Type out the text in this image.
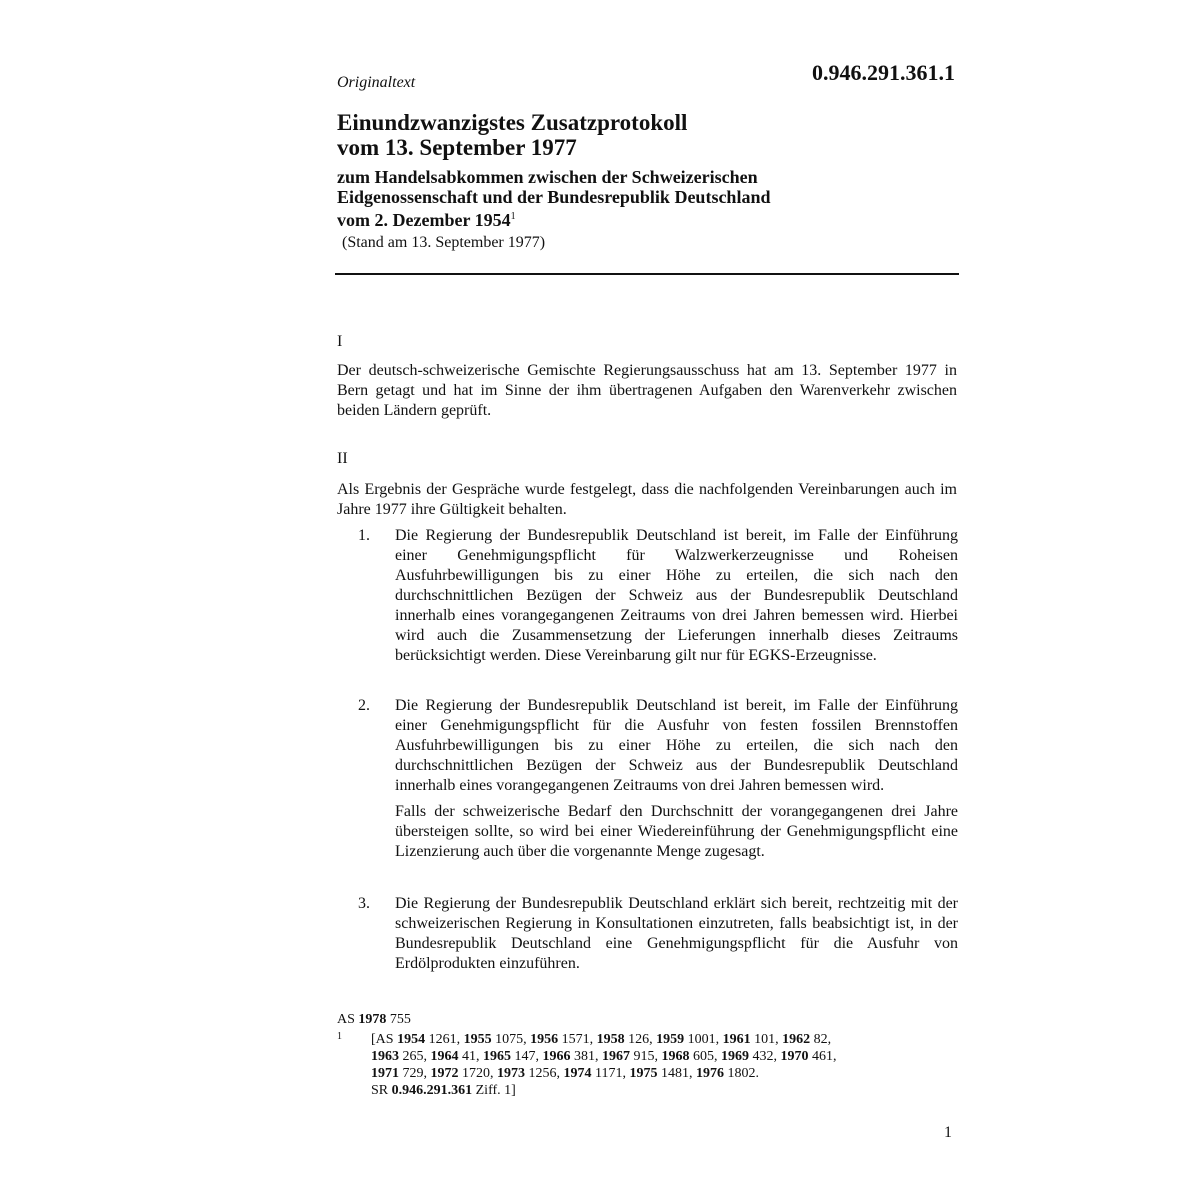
Originaltext	0.946.291.361.1
Einundzwanzigstes Zusatzprotokoll
vom 13. September 1977
zum Handelsabkommen zwischen der Schweizerischen
Eidgenossenschaft und der Bundesrepublik Deutschland
vom 2. Dezember 1954$^1$
(Stand am 13. September 1977)
I
Der deutsch-schweizerische Gemischte Regierungsausschuss hat am 13. September 1977 in Bern getagt und hat im Sinne der ihm übertragenen Aufgaben den Warenverkehr zwischen beiden Ländern geprüft.
II
Als Ergebnis der Gespräche wurde festgelegt, dass die nachfolgenden Vereinbarungen auch im Jahre 1977 ihre Gültigkeit behalten.
1.	Die Regierung der Bundesrepublik Deutschland ist bereit, im Falle der Einführung einer Genehmigungspflicht für Walzwerkerzeugnisse und Roheisen Ausfuhrbewilligungen bis zu einer Höhe zu erteilen, die sich nach den durchschnittlichen Bezügen der Schweiz aus der Bundesrepublik Deutschland innerhalb eines vorangegangenen Zeitraums von drei Jahren bemessen wird. Hierbei wird auch die Zusammensetzung der Lieferungen innerhalb dieses Zeitraums berücksichtigt werden. Diese Vereinbarung gilt nur für EGKS-Erzeugnisse.

2.	Die Regierung der Bundesrepublik Deutschland ist bereit, im Falle der Einführung einer Genehmigungspflicht für die Ausfuhr von festen fossilen Brennstoffen Ausfuhrbewilligungen bis zu einer Höhe zu erteilen, die sich nach den durchschnittlichen Bezügen der Schweiz aus der Bundesrepublik Deutschland innerhalb eines vorangegangenen Zeitraums von drei Jahren bemessen wird.

Falls der schweizerische Bedarf den Durchschnitt der vorangegangenen drei Jahre übersteigen sollte, so wird bei einer Wiedereinführung der Genehmigungspflicht eine Lizenzierung auch über die vorgenannte Menge zugesagt.

3.	Die Regierung der Bundesrepublik Deutschland erklärt sich bereit, rechtzeitig mit der schweizerischen Regierung in Konsultationen einzutreten, falls beabsichtigt ist, in der Bundesrepublik Deutschland eine Genehmigungspflicht für die Ausfuhr von Erdölprodukten einzuführen.

AS 1978 755
1 [AS 1954 1261, 1955 1075, 1956 1571, 1958 126, 1959 1001, 1961 101, 1962 82,
1963 265, 1964 41, 1965 147, 1966 381, 1967 915, 1968 605, 1969 432, 1970 461,
1971 729, 1972 1720, 1973 1256, 1974 1171, 1975 1481, 1976 1802.
SR 0.946.291.361 Ziff. 1]
1
